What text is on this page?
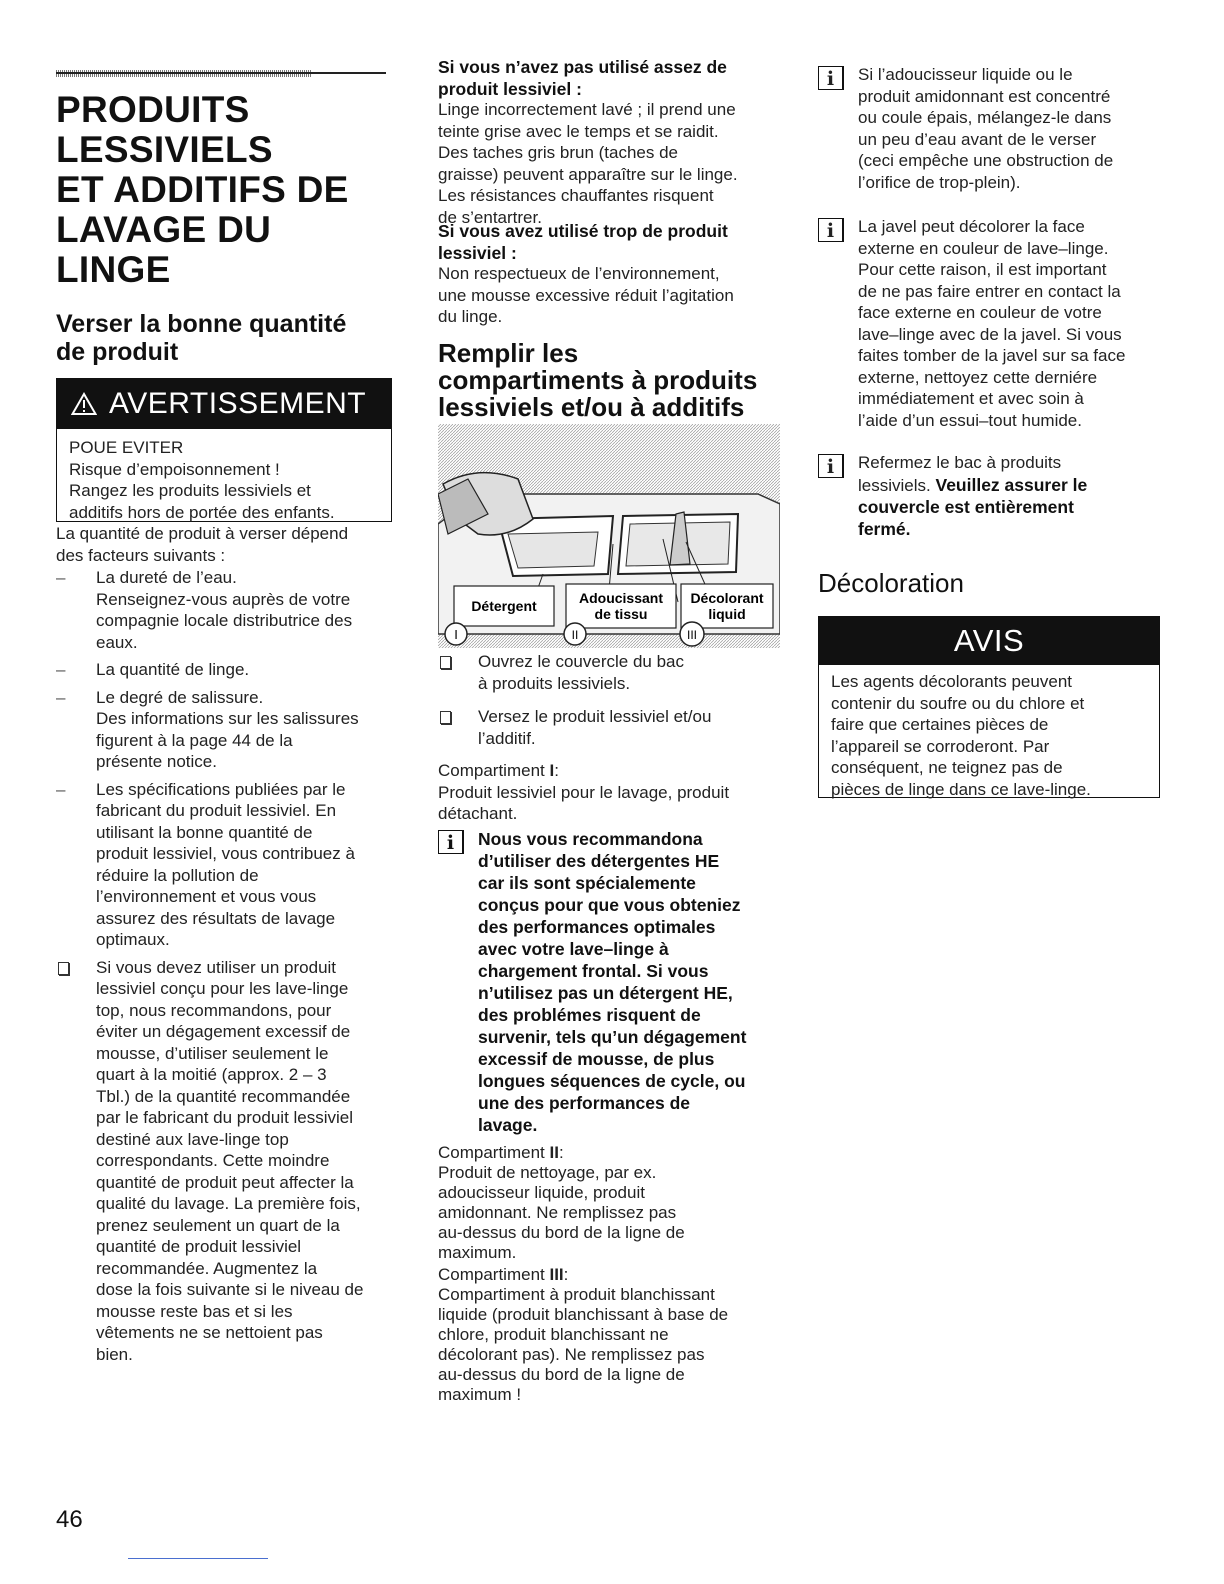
PRODUITS
LESSIVIELS
ET ADDITIFS DE
LAVAGE DU
LINGE
Verser la bonne quantité
de produit
AVERTISSEMENT

POUE EVITER

Risque d’empoisonnement !

Rangez les produits lessiviels et

additifs hors de portée des enfants.

La quantité de produit à verser dépend

des facteurs suivants :

–	La dureté de l’eau.

Renseignez-vous auprès de votre

compagnie locale distributrice des

eaux.

–	La quantité de linge.

–	Le degré de salissure.

Des informations sur les salissures

figurent à la page 44 de la

présente notice.

–	Les spécifications publiées par le

fabricant du produit lessiviel. En

utilisant la bonne quantité de

produit lessiviel, vous contribuez à

réduire la pollution de

l’environnement et vous vous

assurez des résultats de lavage

optimaux.

Si vous devez utiliser un produit

lessiviel conçu pour les lave-linge

top, nous recommandons, pour

éviter un dégagement excessif de

mousse, d’utiliser seulement le

quart à la moitié (approx. 2 – 3

Tbl.) de la quantité recommandée

par le fabricant du produit lessiviel

destiné aux lave-linge top

correspondants. Cette moindre

quantité de produit peut affecter la

qualité du lavage. La première fois,

prenez seulement un quart de la

quantité de produit lessiviel

recommandée. Augmentez la

dose la fois suivante si le niveau de

mousse reste bas et si les

vêtements ne se nettoient pas

bien.

Si vous n’avez pas utilisé assez de

produit lessiviel :

Linge incorrectement lavé ; il prend une

teinte grise avec le temps et se raidit.

Des taches gris brun (taches de

graisse) peuvent apparaître sur le linge.

Les résistances chauffantes risquent

de s’entartrer.

Si vous avez utilisé trop de produit

lessiviel :

Non respectueux de l’environnement,

une mousse excessive réduit l’agitation

du linge.

Remplir les
compartiments à produits
lessiviels et/ou à additifs
Détergent	Adoucissant
de tissu
Décolorant
liquid
I	II	III

Ouvrez le couvercle du bac

à produits lessiviels.

Versez le produit lessiviel et/ou

l’additif.

Compartiment I:

Produit lessiviel pour le lavage, produit

détachant.

i	Nous vous recommandona

d’utiliser des détergentes HE

car ils sont spécialemente

conçus pour que vous obteniez

des performances optimales

avec votre lave–linge à

chargement frontal. Si vous

n’utilisez pas un détergent HE,

des problémes risquent de

survenir, tels qu’un dégagement

excessif de mousse, de plus

longues séquences de cycle, ou

une des performances de

lavage.

Compartiment II:

Produit de nettoyage, par ex.

adoucisseur liquide, produit

amidonnant. Ne remplissez pas

au-dessus du bord de la ligne de

maximum.

Compartiment III:

Compartiment à produit blanchissant

liquide (produit blanchissant à base de

chlore, produit blanchissant ne

décolorant pas). Ne remplissez pas

au-dessus du bord de la ligne de

maximum !

i	Si l’adoucisseur liquide ou le

produit amidonnant est concentré

ou coule épais, mélangez-le dans

un peu d’eau avant de le verser

(ceci empêche une obstruction de

l’orifice de trop-plein).

i	La javel peut décolorer la face

externe en couleur de lave–linge.

Pour cette raison, il est important

de ne pas faire entrer en contact la

face externe en couleur de votre

lave–linge avec de la javel. Si vous

faites tomber de la javel sur sa face

externe, nettoyez cette derniére

immédiatement et avec soin à

l’aide d’un essui–tout humide.

i	Refermez le bac à produits

lessiviels. Veuillez assurer le

couvercle est entièrement

fermé.

Décoloration
AVIS

Les agents décolorants peuvent

contenir du soufre ou du chlore et

faire que certaines pièces de

l’appareil se corroderont. Par

conséquent, ne teignez pas de

pièces de linge dans ce lave-linge.

46
